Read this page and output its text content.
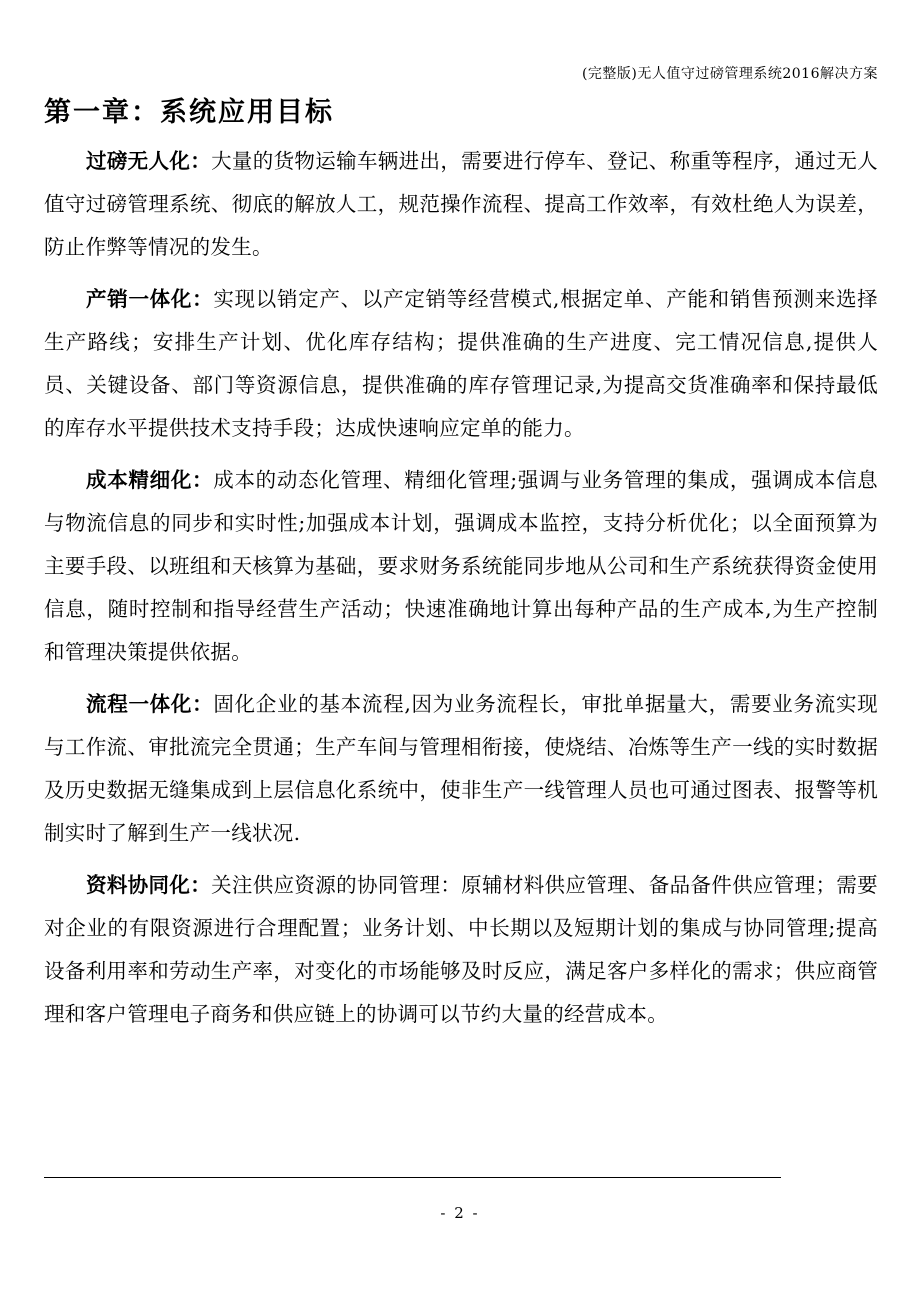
(完整版)无人值守过磅管理系统2016解决方案
第一章：系统应用目标

过磅无人化：大量的货物运输车辆进出，需要进行停车、登记、称重等程序，通过无人值守过磅管理系统、彻底的解放人工，规范操作流程、提高工作效率，有效杜绝人为误差，防止作弊等情况的发生。

产销一体化：实现以销定产、以产定销等经营模式,根据定单、产能和销售预测来选择生产路线；安排生产计划、优化库存结构；提供准确的生产进度、完工情况信息,提供人员、关键设备、部门等资源信息，提供准确的库存管理记录,为提高交货准确率和保持最低的库存水平提供技术支持手段；达成快速响应定单的能力。

成本精细化：成本的动态化管理、精细化管理;强调与业务管理的集成，强调成本信息与物流信息的同步和实时性;加强成本计划，强调成本监控，支持分析优化；以全面预算为主要手段、以班组和天核算为基础，要求财务系统能同步地从公司和生产系统获得资金使用信息，随时控制和指导经营生产活动；快速准确地计算出每种产品的生产成本,为生产控制和管理决策提供依据。

流程一体化：固化企业的基本流程,因为业务流程长，审批单据量大，需要业务流实现与工作流、审批流完全贯通；生产车间与管理相衔接，使烧结、冶炼等生产一线的实时数据及历史数据无缝集成到上层信息化系统中，使非生产一线管理人员也可通过图表、报警等机制实时了解到生产一线状况.

资料协同化：关注供应资源的协同管理：原辅材料供应管理、备品备件供应管理；需要对企业的有限资源进行合理配置；业务计划、中长期以及短期计划的集成与协同管理;提高设备利用率和劳动生产率，对变化的市场能够及时反应，满足客户多样化的需求；供应商管理和客户管理电子商务和供应链上的协调可以节约大量的经营成本。

- 2 -
